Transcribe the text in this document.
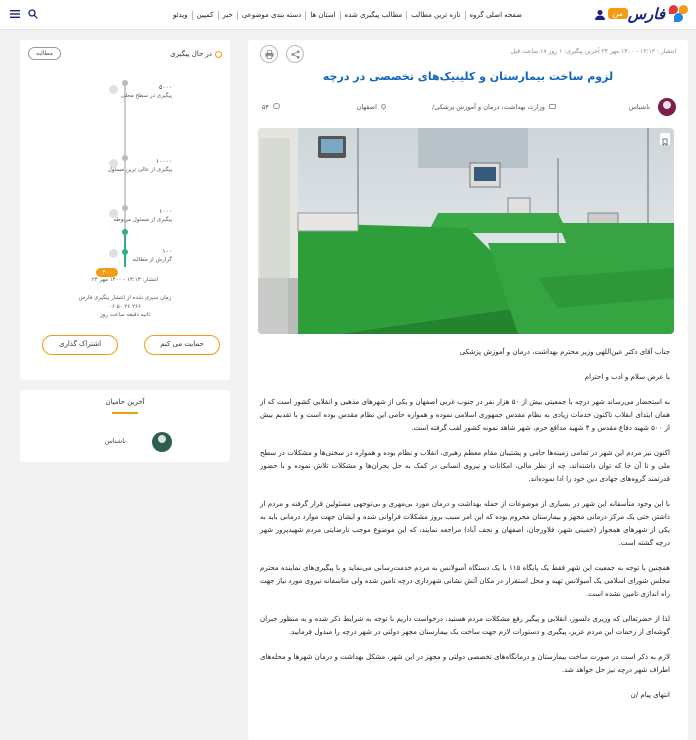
فارس
من
صفحه اصلی گروه
تازه ترین مطالب
مطالب پیگیری شده
استان ها
دسته بندی موضوعی
خبر
کمپین
ویدئو
در حال پیگیری
مطالبه
۵۰۰۰
پیگیری در سطح محلی
۱۰۰۰۰
پیگیری از عالی ترین مسئول
۱۰۰۰
پیگیری از مسئول مربوطه
۴۰۰
۱۰۰
گزارش از مطالبه
انتشار: ۱۳:۱۳ - ۱۴۰۰ مهر ۲۴
زمان سپری شده از انتشار پیگیری فارس
۲۶۶ ۲۶ ۵۰ ۰۶
ثانیه دقیقه ساعت روز
حمایت می کنم
اشتراک گذاری
آخرین حامیان
ناشناس
انتشار : ۱۳:۱۳ - ۱۴۰۰ مهر ۲۴ آخرین پیگیری: ۱ روز ۱۸ ساعت قبل
لزوم ساخت بیمارستان و کلینیک‌های تخصصی در درچه
ناشناس
وزارت بهداشت، درمان و آموزش پزشکی/
اصفهان
۵۴

جناب آقای دکتر عین‌اللهی وزیر محترم بهداشت، درمان و آموزش پزشکی

با عرض سلام و ادب و احترام

به استحضار می‌رساند شهر درچه با جمعیتی بیش از ۵۰ هزار نفر در جنوب غربی اصفهان و یکی از شهرهای مذهبی و انقلابی کشور است که از همان ابتدای انقلاب تاکنون خدمات زیادی به نظام مقدس جمهوری اسلامی نموده و همواره حامی این نظام مقدس بوده است و با تقدیم بیش از ۵۰۰ شهید دفاع مقدس و ۴ شهید مدافع حرم، شهر شاهد نمونه کشور لقب گرفته است.

اکنون نیز مردم این شهر در تمامی زمینه‌ها حامی و پشتیبان مقام معظم رهبری، انقلاب و نظام بوده و همواره در سختی‌ها و مشکلات در سطح ملی و تا آن جا که توان داشته‌اند، چه از نظر مالی، امکانات و نیروی انسانی در کمک به حل بحران‌ها و مشکلات تلاش نموده و با حضور قدرتمند گروه‌های جهادی دین خود را ادا نموده‌اند.

با این وجود متأسفانه این شهر در بسیاری از موضوعات از جمله بهداشت و درمان مورد بی‌مهری و بی‌توجهی مسئولین قرار گرفته و مردم از داشتن حتی یک مرکز درمانی مجهز و بیمارستان محروم بوده که این امر سبب بروز مشکلات فراوانی شده و ایشان جهت موارد درمانی باید به یکی از شهرهای همجوار (خمینی شهر، فلاورجان، اصفهان و نجف آباد) مراجعه نمایند، که این موضوع موجب نارضایتی مردم شهیدپرور شهر درچه گشته است.

همچنین با توجه به جمعیت این شهر فقط یک پایگاه ۱۱۵ با یک دستگاه آمبولانس به مردم خدمت‌رسانی می‌نماید و با پیگیری‌های نماینده محترم مجلس شورای اسلامی یک آمبولانس تهیه و محل استقرار در مکان آتش نشانی شهرداری درچه تامین شده ولی متاسفانه نیروی مورد نیاز جهت راه اندازی تامین نشده است.

لذا از حضرتعالی که وزیری دلسوز، انقلابی و پیگیر رفع مشکلات مردم هستید، درخواست داریم با توجه به شرایط ذکر شده و به منظور جبران گوشه‌ای از زحمات این مردم عزیز، پیگیری و دستورات لازم جهت ساخت یک بیمارستان مجهز دولتی در شهر درچه را مبذول فرمایید.

لازم به ذکر است در صورت ساخت بیمارستان و درمانگاه‌های تخصصی دولتی و مجهز در این شهر، مشکل بهداشت و درمان شهرها و محله‌های اطراف شهر درچه نیز حل خواهد شد.

انتهای پیام /ن
